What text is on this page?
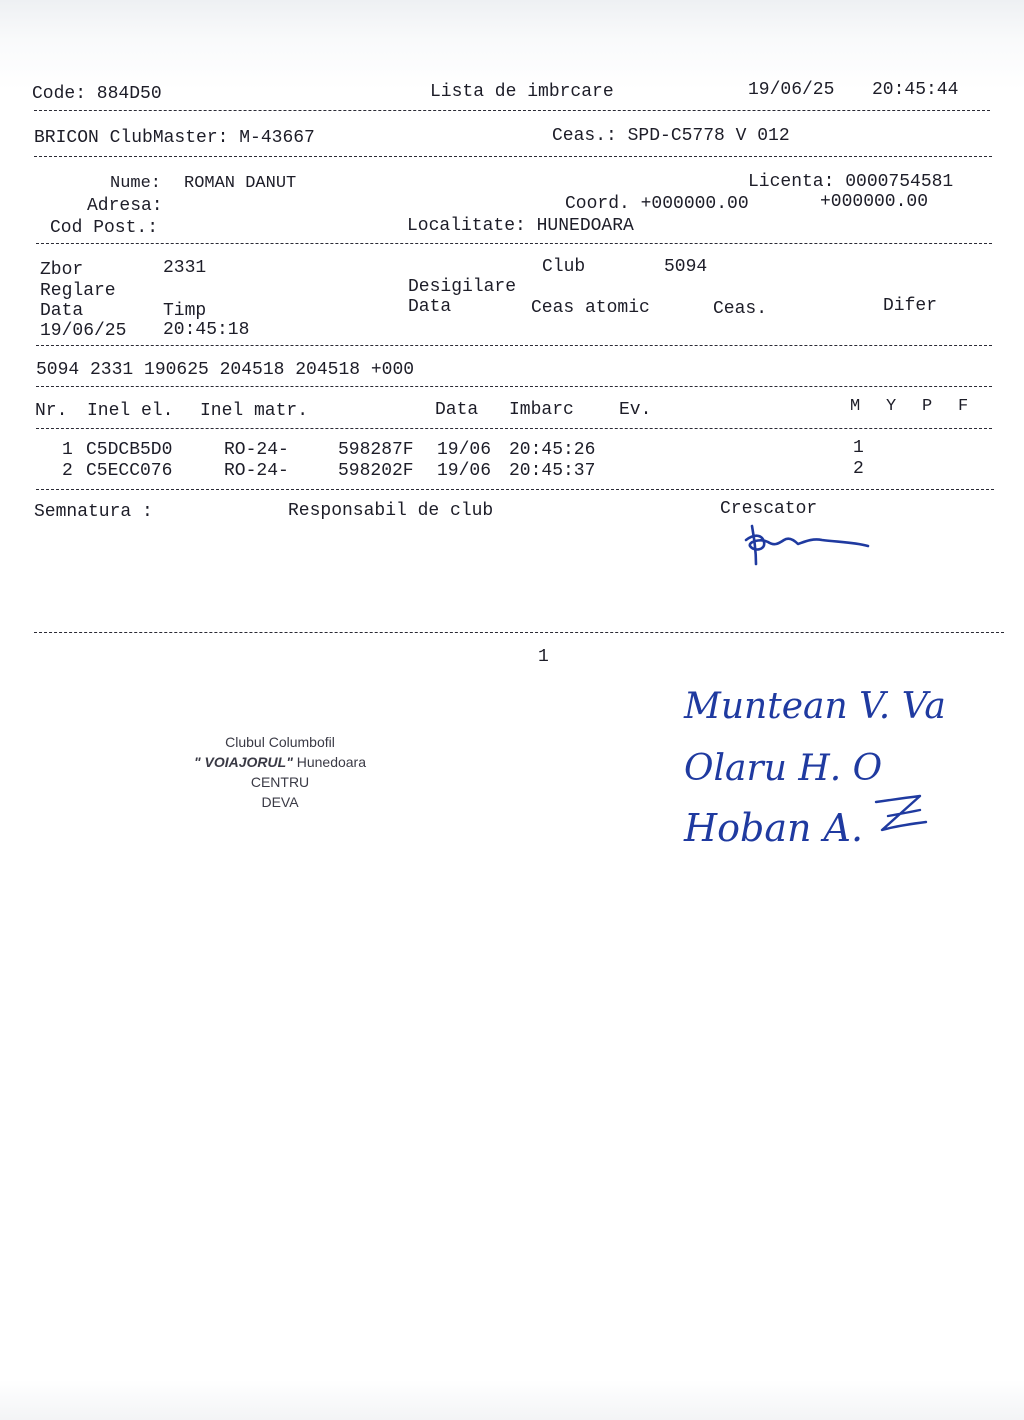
Code: 884D50	Lista de imbrcare	19/06/25 20:45:44
BRICON ClubMaster: M-43667	Ceas.: SPD-C5778 V 012
Nume: ROMAN DANUT	Licenta: 0000754581
Adresa:	Coord. +000000.00	+000000.00
Cod Post.:	Localitate: HUNEDOARA
Zbor	2331	Club	5094
Reglare	Desigilare
Data	Timp	Data	Ceas atomic	Ceas.	Difer
19/06/25 20:45:18
5094 2331 190625 204518 204518 +000
Nr. Inel el. Inel matr.	Data Imbarc	Ev.	M Y P F
1 C5DCB5D0	RO-24-	598287F 19/06 20:45:26	1
2 C5ECC076	RO-24-	598202F 19/06 20:45:37	2
Semnatura :	Responsabil de club	Crescator
1
Clubul Columbofil
" VOIAJORUL" Hunedoara
CENTRU
DEVA
Muntean V. Va
Olaru H. O
Hoban A.
